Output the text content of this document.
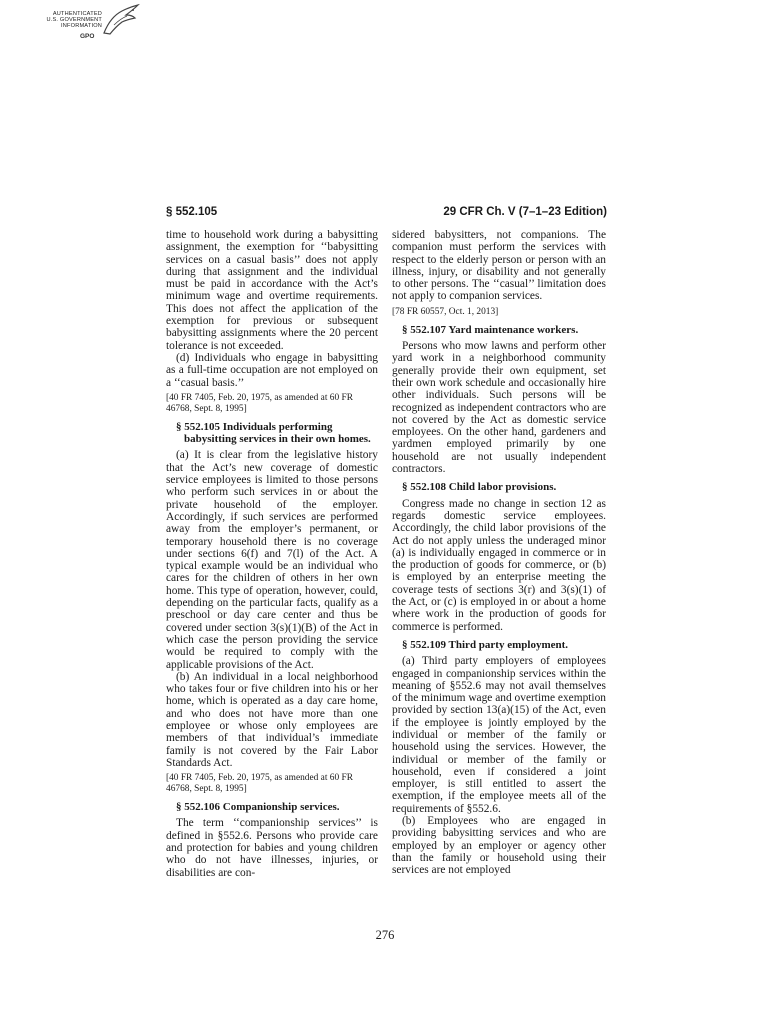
AUTHENTICATED
U.S. GOVERNMENT
INFORMATION
GPO
§ 552.105	29 CFR Ch. V (7–1–23 Edition)

time to household work during a babysitting assignment, the exemption for ‘‘babysitting services on a casual basis’’ does not apply during that assignment and the individual must be paid in accordance with the Act’s minimum wage and overtime requirements. This does not affect the application of the exemption for previous or subsequent babysitting assignments where the 20 percent tolerance is not exceeded.

(d) Individuals who engage in babysitting as a full-time occupation are not employed on a ‘‘casual basis.’’

[40 FR 7405, Feb. 20, 1975, as amended at 60 FR 46768, Sept. 8, 1995]

§ 552.105 Individuals performing babysitting services in their own homes.

(a) It is clear from the legislative history that the Act’s new coverage of domestic service employees is limited to those persons who perform such services in or about the private household of the employer. Accordingly, if such services are performed away from the employer’s permanent, or temporary household there is no coverage under sections 6(f) and 7(l) of the Act. A typical example would be an individual who cares for the children of others in her own home. This type of operation, however, could, depending on the particular facts, qualify as a preschool or day care center and thus be covered under section 3(s)(1)(B) of the Act in which case the person providing the service would be required to comply with the applicable provisions of the Act.

(b) An individual in a local neighborhood who takes four or five children into his or her home, which is operated as a day care home, and who does not have more than one employee or whose only employees are members of that individual’s immediate family is not covered by the Fair Labor Standards Act.

[40 FR 7405, Feb. 20, 1975, as amended at 60 FR 46768, Sept. 8, 1995]

§ 552.106 Companionship services.

The term ‘‘companionship services’’ is defined in §552.6. Persons who provide care and protection for babies and young children who do not have illnesses, injuries, or disabilities are con-

sidered babysitters, not companions. The companion must perform the services with respect to the elderly person or person with an illness, injury, or disability and not generally to other persons. The ‘‘casual’’ limitation does not apply to companion services.

[78 FR 60557, Oct. 1, 2013]

§ 552.107 Yard maintenance workers.

Persons who mow lawns and perform other yard work in a neighborhood community generally provide their own equipment, set their own work schedule and occasionally hire other individuals. Such persons will be recognized as independent contractors who are not covered by the Act as domestic service employees. On the other hand, gardeners and yardmen employed primarily by one household are not usually independent contractors.

§ 552.108 Child labor provisions.

Congress made no change in section 12 as regards domestic service employees. Accordingly, the child labor provisions of the Act do not apply unless the underaged minor (a) is individually engaged in commerce or in the production of goods for commerce, or (b) is employed by an enterprise meeting the coverage tests of sections 3(r) and 3(s)(1) of the Act, or (c) is employed in or about a home where work in the production of goods for commerce is performed.

§ 552.109 Third party employment.

(a) Third party employers of employees engaged in companionship services within the meaning of §552.6 may not avail themselves of the minimum wage and overtime exemption provided by section 13(a)(15) of the Act, even if the employee is jointly employed by the individual or member of the family or household using the services. However, the individual or member of the family or household, even if considered a joint employer, is still entitled to assert the exemption, if the employee meets all of the requirements of §552.6.

(b) Employees who are engaged in providing babysitting services and who are employed by an employer or agency other than the family or household using their services are not employed

276
